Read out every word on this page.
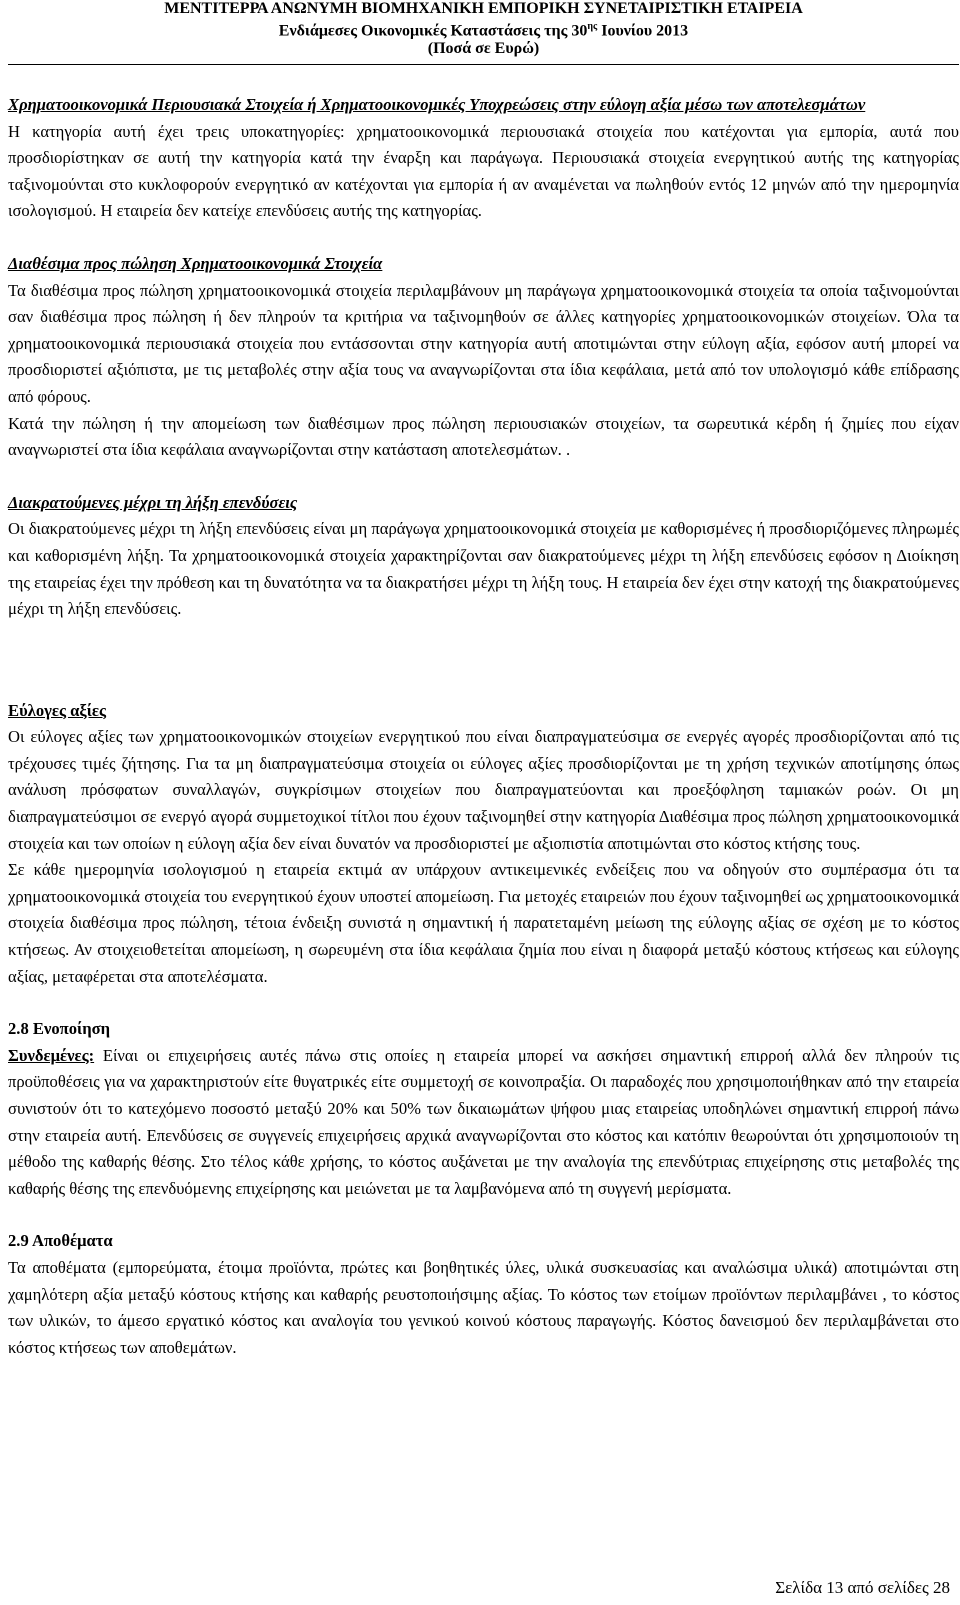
ΜΕΝΤΙΤΕΡΡΑ ΑΝΩΝΥΜΗ ΒΙΟΜΗΧΑΝΙΚΗ ΕΜΠΟΡΙΚΗ ΣΥΝΕΤΑΙΡΙΣΤΙΚΗ ΕΤΑΙΡΕΙΑ
Ενδιάμεσες Οικονομικές Καταστάσεις της $30^{\eta\varsigma}$ Ιουνίου 2013
(Ποσά σε Ευρώ)

Χρηματοοικονομικά Περιουσιακά Στοιχεία ή Χρηματοοικονομικές Υποχρεώσεις στην εύλογη αξία μέσω των αποτελεσμάτων

Η κατηγορία αυτή έχει τρεις υποκατηγορίες: χρηματοοικονομικά περιουσιακά στοιχεία που κατέχονται για εμπορία, αυτά που προσδιορίστηκαν σε αυτή την κατηγορία κατά την έναρξη και παράγωγα. Περιουσιακά στοιχεία ενεργητικού αυτής της κατηγορίας ταξινομούνται στο κυκλοφορούν ενεργητικό αν κατέχονται για εμπορία ή αν αναμένεται να πωληθούν εντός 12 μηνών από την ημερομηνία ισολογισμού. Η εταιρεία δεν κατείχε επενδύσεις αυτής της κατηγορίας.

Διαθέσιμα προς πώληση Χρηματοοικονομικά Στοιχεία

Τα διαθέσιμα προς πώληση χρηματοοικονομικά στοιχεία περιλαμβάνουν μη παράγωγα χρηματοοικονομικά στοιχεία τα οποία ταξινομούνται σαν διαθέσιμα προς πώληση ή δεν πληρούν τα κριτήρια να ταξινομηθούν σε άλλες κατηγορίες χρηματοοικονομικών στοιχείων. Όλα τα χρηματοοικονομικά περιουσιακά στοιχεία που εντάσσονται στην κατηγορία αυτή αποτιμώνται στην εύλογη αξία, εφόσον αυτή μπορεί να προσδιοριστεί αξιόπιστα, με τις μεταβολές στην αξία τους να αναγνωρίζονται στα ίδια κεφάλαια, μετά από τον υπολογισμό κάθε επίδρασης από φόρους.

Κατά την πώληση ή την απομείωση των διαθέσιμων προς πώληση περιουσιακών στοιχείων, τα σωρευτικά κέρδη ή ζημίες που είχαν αναγνωριστεί στα ίδια κεφάλαια αναγνωρίζονται στην κατάσταση αποτελεσμάτων. .

Διακρατούμενες μέχρι τη λήξη επενδύσεις

Οι διακρατούμενες μέχρι τη λήξη επενδύσεις είναι μη παράγωγα χρηματοοικονομικά στοιχεία με καθορισμένες ή προσδιοριζόμενες πληρωμές και καθορισμένη λήξη. Τα χρηματοοικονομικά στοιχεία χαρακτηρίζονται σαν διακρατούμενες μέχρι τη λήξη επενδύσεις εφόσον η Διοίκηση της εταιρείας έχει την πρόθεση και τη δυνατότητα να τα διακρατήσει μέχρι τη λήξη τους. Η εταιρεία δεν έχει στην κατοχή της διακρατούμενες μέχρι τη λήξη επενδύσεις.

Εύλογες αξίες

Οι εύλογες αξίες των χρηματοοικονομικών στοιχείων ενεργητικού που είναι διαπραγματεύσιμα σε ενεργές αγορές προσδιορίζονται από τις τρέχουσες τιμές ζήτησης. Για τα μη διαπραγματεύσιμα στοιχεία οι εύλογες αξίες προσδιορίζονται με τη χρήση τεχνικών αποτίμησης όπως ανάλυση πρόσφατων συναλλαγών, συγκρίσιμων στοιχείων που διαπραγματεύονται και προεξόφληση ταμιακών ροών. Οι μη διαπραγματεύσιμοι σε ενεργό αγορά συμμετοχικοί τίτλοι που έχουν ταξινομηθεί στην κατηγορία Διαθέσιμα προς πώληση χρηματοοικονομικά στοιχεία και των οποίων η εύλογη αξία δεν είναι δυνατόν να προσδιοριστεί με αξιοπιστία αποτιμώνται στο κόστος κτήσης τους.

Σε κάθε ημερομηνία ισολογισμού η εταιρεία εκτιμά αν υπάρχουν αντικειμενικές ενδείξεις που να οδηγούν στο συμπέρασμα ότι τα χρηματοοικονομικά στοιχεία του ενεργητικού έχουν υποστεί απομείωση. Για μετοχές εταιρειών που έχουν ταξινομηθεί ως χρηματοοικονομικά στοιχεία διαθέσιμα προς πώληση, τέτοια ένδειξη συνιστά η σημαντική ή παρατεταμένη μείωση της εύλογης αξίας σε σχέση με το κόστος κτήσεως. Αν στοιχειοθετείται απομείωση, η σωρευμένη στα ίδια κεφάλαια ζημία που είναι η διαφορά μεταξύ κόστους κτήσεως και εύλογης αξίας, μεταφέρεται στα αποτελέσματα.

2.8 Ενοποίηση

Συνδεμένες: Είναι οι επιχειρήσεις αυτές πάνω στις οποίες η εταιρεία μπορεί να ασκήσει σημαντική επιρροή αλλά δεν πληρούν τις προϋποθέσεις για να χαρακτηριστούν είτε θυγατρικές είτε συμμετοχή σε κοινοπραξία. Οι παραδοχές που χρησιμοποιήθηκαν από την εταιρεία συνιστούν ότι το κατεχόμενο ποσοστό μεταξύ 20% και 50% των δικαιωμάτων ψήφου μιας εταιρείας υποδηλώνει σημαντική επιρροή πάνω στην εταιρεία αυτή. Επενδύσεις σε συγγενείς επιχειρήσεις αρχικά αναγνωρίζονται στο κόστος και κατόπιν θεωρούνται ότι χρησιμοποιούν τη μέθοδο της καθαρής θέσης. Στο τέλος κάθε χρήσης, το κόστος αυξάνεται με την αναλογία της επενδύτριας επιχείρησης στις μεταβολές της καθαρής θέσης της επενδυόμενης επιχείρησης και μειώνεται με τα λαμβανόμενα από τη συγγενή μερίσματα.

2.9 Αποθέματα

Τα αποθέματα (εμπορεύματα, έτοιμα προϊόντα, πρώτες και βοηθητικές ύλες, υλικά συσκευασίας και αναλώσιμα υλικά) αποτιμώνται στη χαμηλότερη αξία μεταξύ κόστους κτήσης και καθαρής ρευστοποιήσιμης αξίας. Το κόστος των ετοίμων προϊόντων περιλαμβάνει , το κόστος των υλικών, το άμεσο εργατικό κόστος και αναλογία του γενικού κοινού κόστους παραγωγής. Κόστος δανεισμού δεν περιλαμβάνεται στο κόστος κτήσεως των αποθεμάτων.

Σελίδα 13 από σελίδες 28
